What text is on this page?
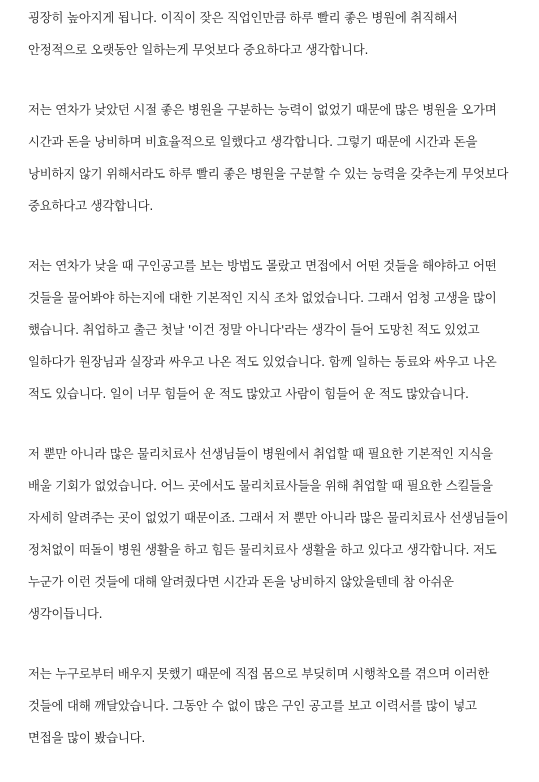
굉장히 높아지게 됩니다. 이직이 잦은 직업인만큼 하루 빨리 좋은 병원에 취직해서
안정적으로 오랫동안 일하는게 무엇보다 중요하다고 생각합니다.
저는 연차가 낮았던 시절 좋은 병원을 구분하는 능력이 없었기 때문에 많은 병원을 오가며
시간과 돈을 낭비하며 비효율적으로 일했다고 생각합니다. 그렇기 때문에 시간과 돈을
낭비하지 않기 위해서라도 하루 빨리 좋은 병원을 구분할 수 있는 능력을 갖추는게 무엇보다
중요하다고 생각합니다.
저는 연차가 낮을 때 구인공고를 보는 방법도 몰랐고 면접에서 어떤 것들을 해야하고 어떤
것들을 물어봐야 하는지에 대한 기본적인 지식 조차 없었습니다. 그래서 엄청 고생을 많이
했습니다. 취업하고 출근 첫날 '이건 정말 아니다'라는 생각이 들어 도망친 적도 있었고
일하다가 원장님과 실장과 싸우고 나온 적도 있었습니다. 함께 일하는 동료와 싸우고 나온
적도 있습니다. 일이 너무 힘들어 운 적도 많았고 사람이 힘들어 운 적도 많았습니다.
저 뿐만 아니라 많은 물리치료사 선생님들이 병원에서 취업할 때 필요한 기본적인 지식을
배울 기회가 없었습니다. 어느 곳에서도 물리치료사들을 위해 취업할 때 필요한 스킬들을
자세히 알려주는 곳이 없었기 때문이죠. 그래서 저 뿐만 아니라 많은 물리치료사 선생님들이
정처없이 떠돌이 병원 생활을 하고 힘든 물리치료사 생활을 하고 있다고 생각합니다. 저도
누군가 이런 것들에 대해 알려줬다면 시간과 돈을 낭비하지 않았을텐데 참 아쉬운
생각이듭니다.
저는 누구로부터 배우지 못했기 때문에 직접 몸으로 부딪히며 시행착오를 겪으며 이러한
것들에 대해 깨달았습니다. 그동안 수 없이 많은 구인 공고를 보고 이력서를 많이 넣고
면접을 많이 봤습니다.
